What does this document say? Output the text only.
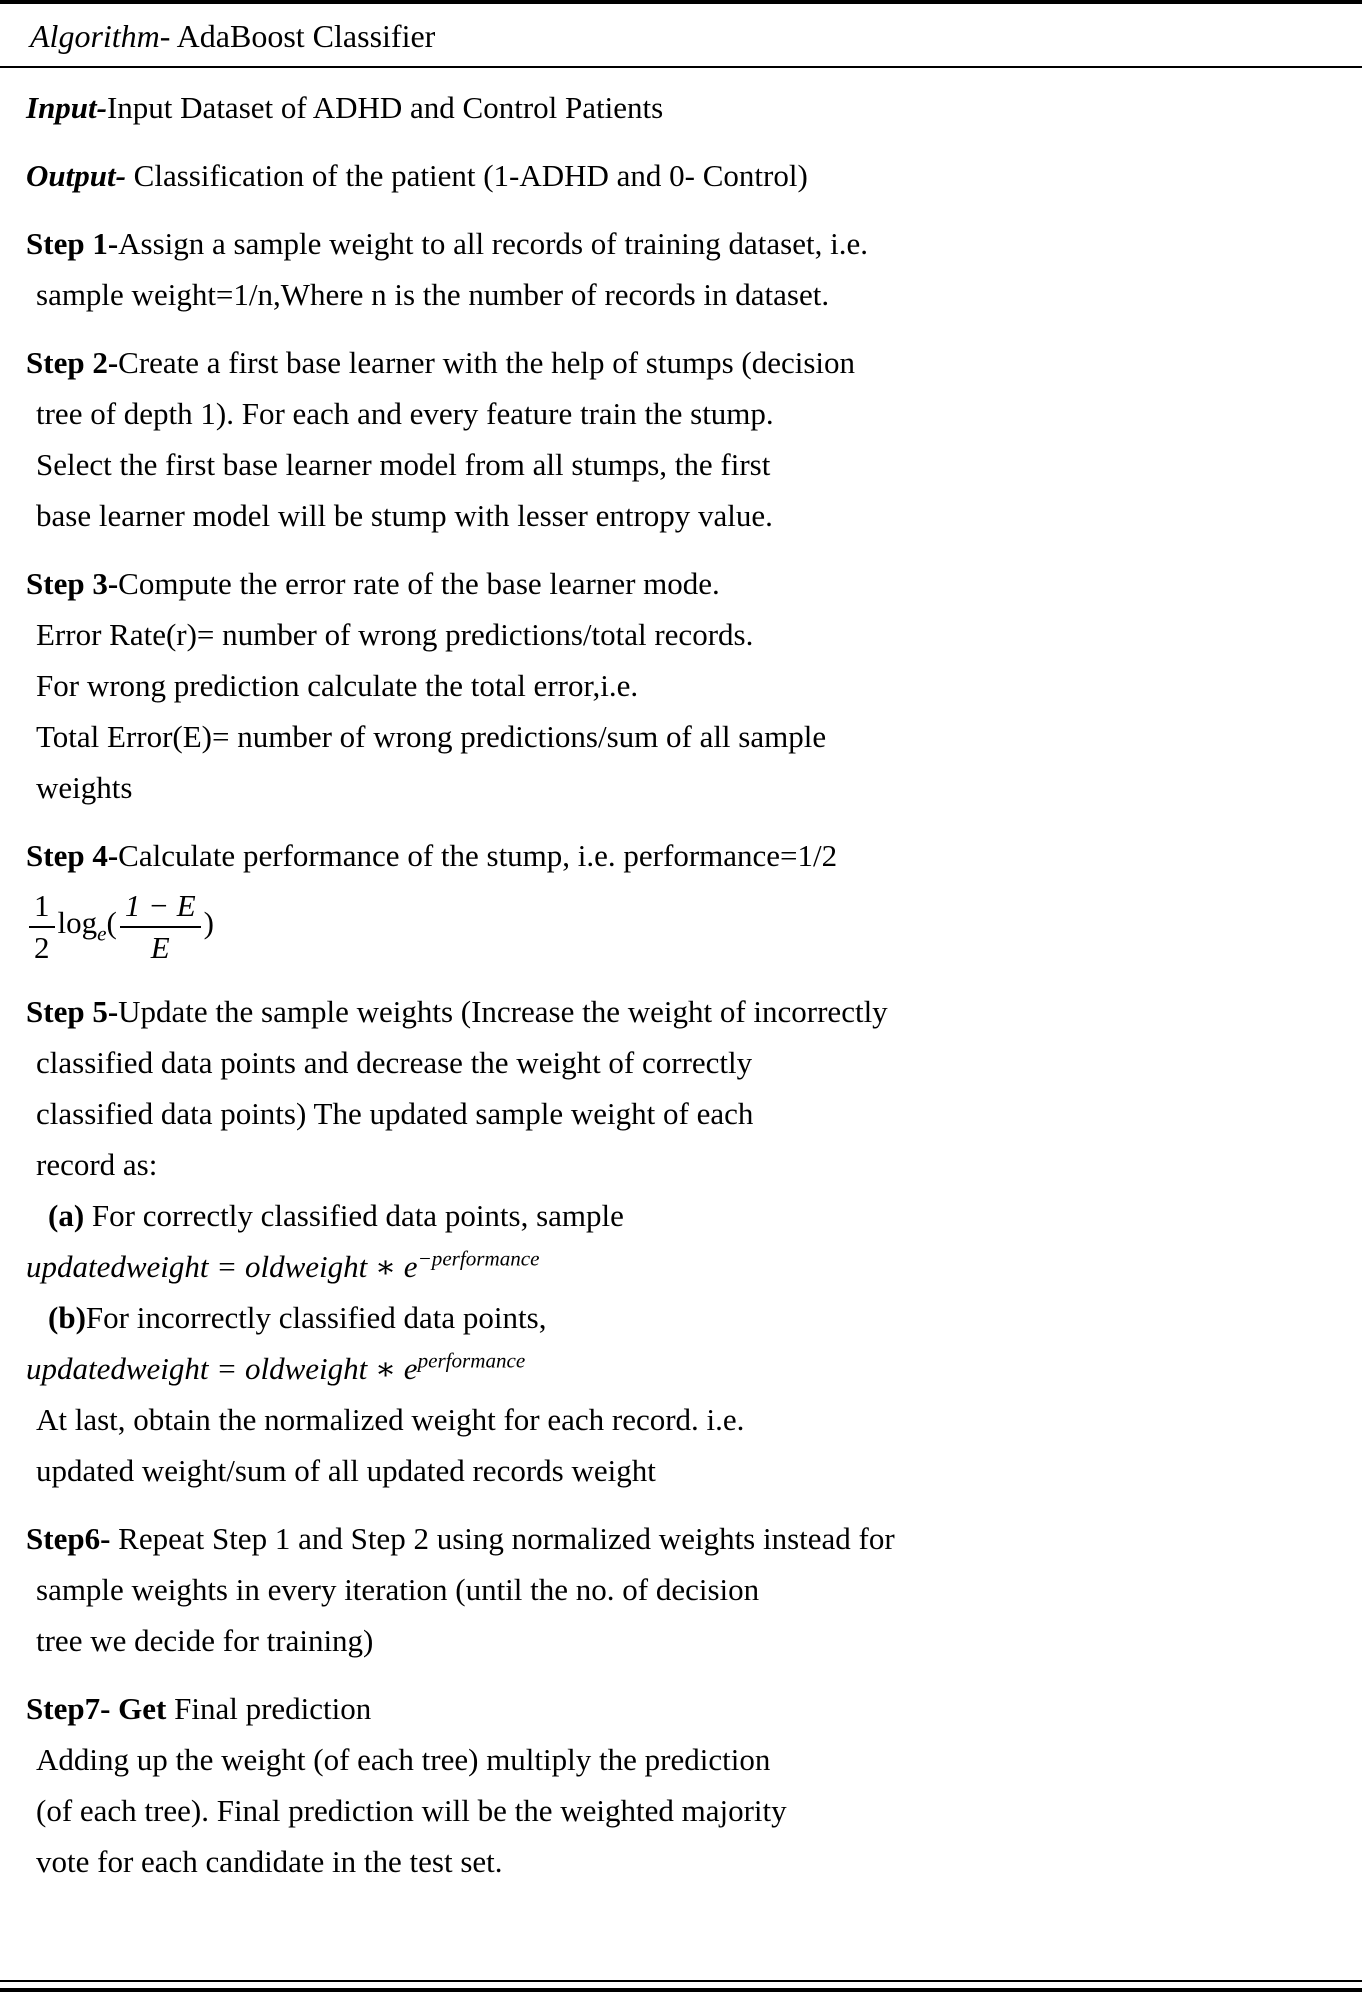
Algorithm- AdaBoost Classifier
Input-Input Dataset of ADHD and Control Patients
Output- Classification of the patient (1-ADHD and 0- Control)
Step 1-Assign a sample weight to all records of training dataset, i.e.
sample weight=1/n,Where n is the number of records in dataset.
Step 2-Create a first base learner with the help of stumps (decision
tree of depth 1). For each and every feature train the stump.
Select the first base learner model from all stumps, the first
base learner model will be stump with lesser entropy value.
Step 3-Compute the error rate of the base learner mode.
Error Rate(r)= number of wrong predictions/total records.
For wrong prediction calculate the total error,i.e.
Total Error(E)= number of wrong predictions/sum of all sample
weights
Step 4-Calculate performance of the stump, i.e. performance=1/2
$\frac{1}{2} \log_e( \frac{1 - E}{E}$ )
Step 5-Update the sample weights (Increase the weight of incorrectly
classified data points and decrease the weight of correctly
classified data points) The updated sample weight of each
record as:
(a) For correctly classified data points, sample
updatedweight = oldweight ∗ $e^{-performance}$
(b)For incorrectly classified data points,
updatedweight = oldweight ∗ $e^{performance}$
At last, obtain the normalized weight for each record. i.e.
updated weight/sum of all updated records weight
Step6- Repeat Step 1 and Step 2 using normalized weights instead for
sample weights in every iteration (until the no. of decision
tree we decide for training)
Step7- Get Final prediction
Adding up the weight (of each tree) multiply the prediction
(of each tree). Final prediction will be the weighted majority
vote for each candidate in the test set.
